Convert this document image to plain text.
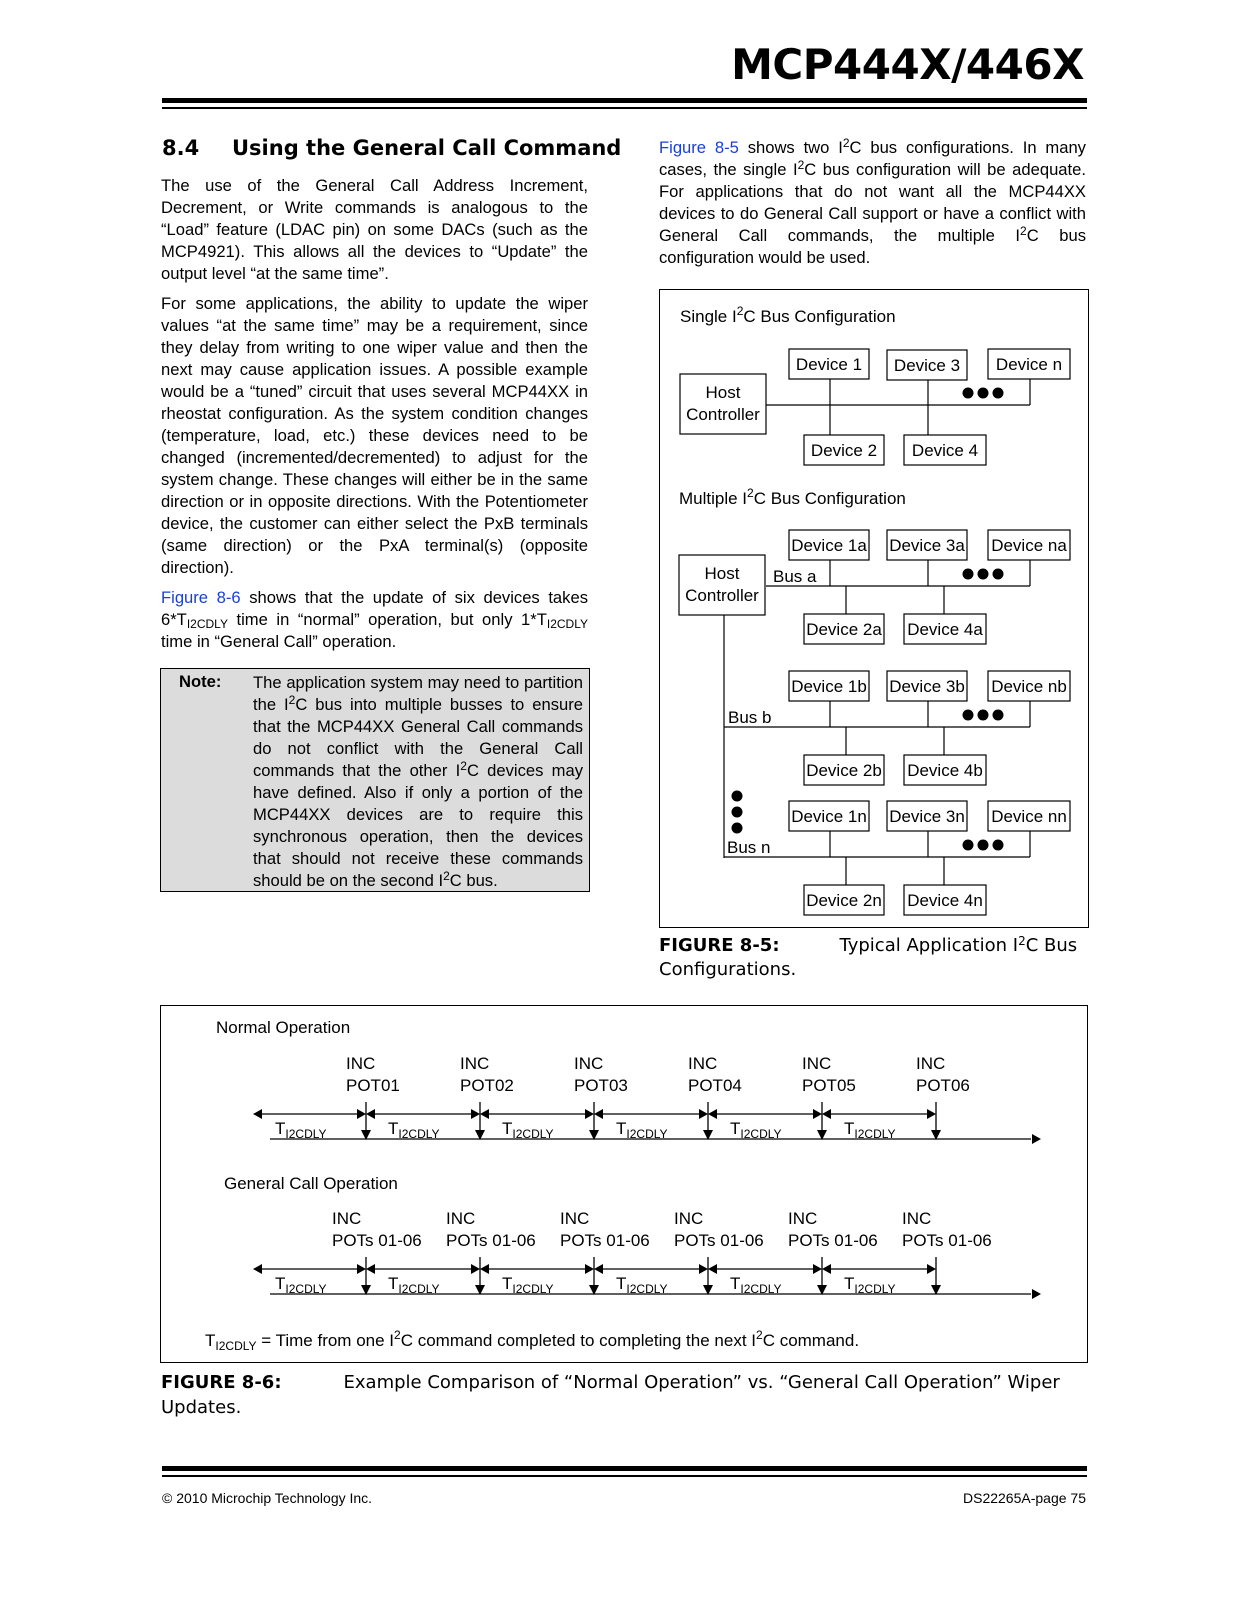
MCP444X/446X
8.4 Using the General Call Command

The use of the General Call Address Increment, Decrement, or Write commands is analogous to the “Load” feature (LDAC pin) on some DACs (such as the MCP4921). This allows all the devices to “Update” the output level “at the same time”.

For some applications, the ability to update the wiper values “at the same time” may be a requirement, since they delay from writing to one wiper value and then the next may cause application issues. A possible example would be a “tuned” circuit that uses several MCP44XX in rheostat configuration. As the system condition changes (temperature, load, etc.) these devices need to be changed (incremented/decremented) to adjust for the system change. These changes will either be in the same direction or in opposite directions. With the Potentiometer device, the customer can either select the PxB terminals (same direction) or the PxA terminal(s) (opposite direction).

Figure 8-6 shows that the update of six devices takes $6*T_{I2CDLY}$ time in “normal” operation, but only $1*T_{I2CDLY}$ time in “General Call” operation.

Note: The application system may need to partition the $I^2C$ bus into multiple busses to ensure that the MCP44XX General Call commands do not conflict with the General Call commands that the other $I^2C$ devices may have defined. Also if only a portion of the MCP44XX devices are to require this synchronous operation, then the devices that should not receive these commands should be on the second $I^2C$ bus.

Figure 8-5 shows two $I^2C$ bus configurations. In many cases, the single $I^2C$ bus configuration will be adequate. For applications that do not want all the MCP44XX devices to do General Call support or have a conflict with General Call commands, the multiple $I^2C$ bus configuration would be used.

Single $I^2C$ Bus Configuration
Multiple $I^2C$ Bus Configuration
Host
Controller
Device 1 Device 3 Device n
Device 2 Device 4
Host
Controller
Bus a
Bus b
Bus n
Device 1a Device 3a Device na
Device 2a Device 4a
Device 1b Device 3b Device nb
Device 2b Device 4b
Device 1n Device 3n Device nn
Device 2n Device 4n
FIGURE 8-5:	Typical Application $I^2C$ Bus
Configurations.
Normal Operation
General Call Operation
$T_{I2CDLY}$ = Time from one $I^2C$ command completed to completing the next $I^2C$ command.
$T_{I2CDLY}$	$T_{I2CDLY}$	$T_{I2CDLY}$	$T_{I2CDLY}$	$T_{I2CDLY}$	$T_{I2CDLY}$
INC
POT01
INC
POT02
INC
POT03
INC
POT04
INC
POT05
INC
POT06
$T_{I2CDLY}$	$T_{I2CDLY}$	$T_{I2CDLY}$	$T_{I2CDLY}$	$T_{I2CDLY}$	$T_{I2CDLY}$
INC
POTs 01-06
INC
POTs 01-06
INC
POTs 01-06
INC
POTs 01-06
INC
POTs 01-06
INC
POTs 01-06
FIGURE 8-6:	Example Comparison of “Normal Operation” vs. “General Call Operation” Wiper
Updates.
© 2010 Microchip Technology Inc.	DS22265A-page 75
